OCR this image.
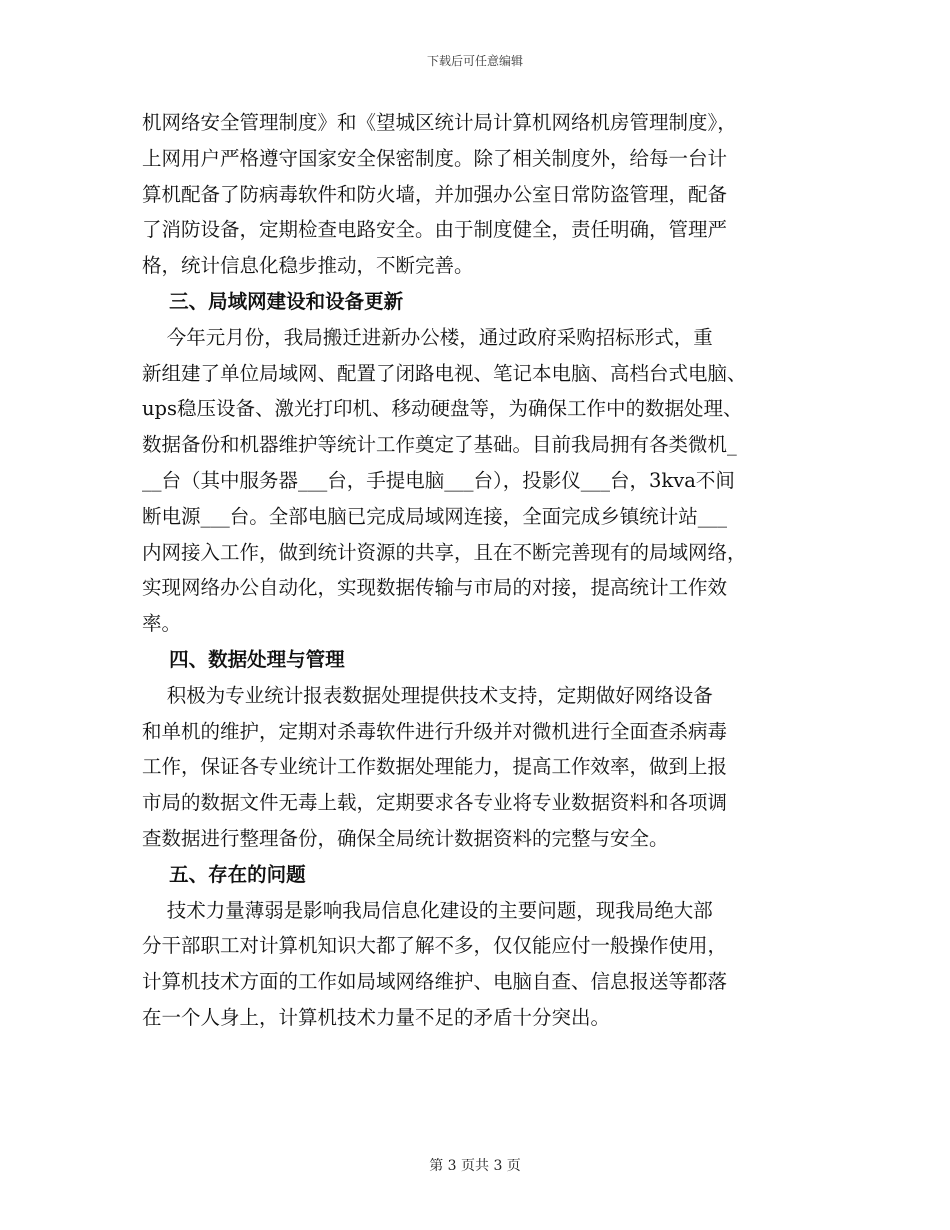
下载后可任意编辑
机网络安全管理制度》和《望城区统计局计算机网络机房管理制度》，
上网用户严格遵守国家安全保密制度。除了相关制度外，给每一台计
算机配备了防病毒软件和防火墙，并加强办公室日常防盗管理，配备
了消防设备，定期检查电路安全。由于制度健全，责任明确，管理严
格，统计信息化稳步推动，不断完善。
三、局域网建设和设备更新
今年元月份，我局搬迁进新办公楼，通过政府采购招标形式，重
新组建了单位局域网、配置了闭路电视、笔记本电脑、高档台式电脑、
ups稳压设备、激光打印机、移动硬盘等，为确保工作中的数据处理、
数据备份和机器维护等统计工作奠定了基础。目前我局拥有各类微机_
__台（其中服务器___台，手提电脑___台），投影仪___台，3kva不间
断电源___台。全部电脑已完成局域网连接，全面完成乡镇统计站___
内网接入工作，做到统计资源的共享，且在不断完善现有的局域网络，
实现网络办公自动化，实现数据传输与市局的对接，提高统计工作效
率。
四、数据处理与管理
积极为专业统计报表数据处理提供技术支持，定期做好网络设备
和单机的维护，定期对杀毒软件进行升级并对微机进行全面查杀病毒
工作，保证各专业统计工作数据处理能力，提高工作效率，做到上报
市局的数据文件无毒上载，定期要求各专业将专业数据资料和各项调
查数据进行整理备份，确保全局统计数据资料的完整与安全。
五、存在的问题
技术力量薄弱是影响我局信息化建设的主要问题，现我局绝大部
分干部职工对计算机知识大都了解不多，仅仅能应付一般操作使用，
计算机技术方面的工作如局域网络维护、电脑自查、信息报送等都落
在一个人身上，计算机技术力量不足的矛盾十分突出。
第 3 页共 3 页
